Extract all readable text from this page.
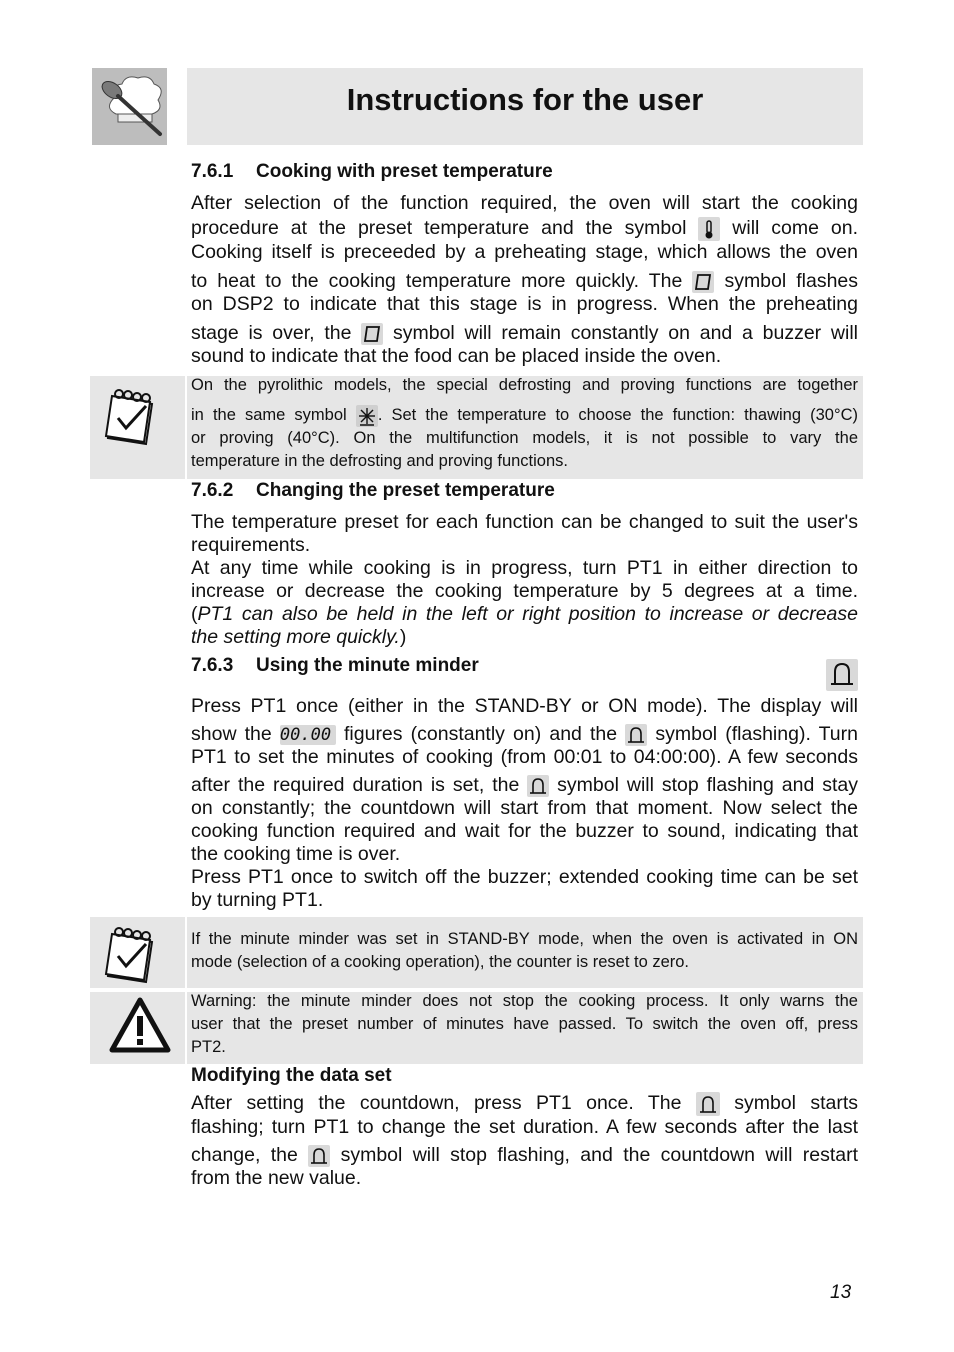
Instructions for the user
7.6.1 Cooking with preset temperature
After selection of the function required, the oven will start the cooking
procedure at the preset temperature and the symbol will come on.
Cooking itself is preceeded by a preheating stage, which allows the oven
to heat to the cooking temperature more quickly. The symbol flashes
on DSP2 to indicate that this stage is in progress. When the preheating
stage is over, the symbol will remain constantly on and a buzzer will
sound to indicate that the food can be placed inside the oven.
On the pyrolithic models, the special defrosting and proving functions are together
in the same symbol . Set the temperature to choose the function: thawing (30°C)
or proving (40°C). On the multifunction models, it is not possible to vary the
temperature in the defrosting and proving functions.
7.6.2 Changing the preset temperature
The temperature preset for each function can be changed to suit the user's
requirements.
At any time while cooking is in progress, turn PT1 in either direction to
increase or decrease the cooking temperature by 5 degrees at a time.
(PT1 can also be held in the left or right position to increase or decrease
the setting more quickly.)
7.6.3 Using the minute minder
Press PT1 once (either in the STAND-BY or ON mode). The display will
show the 00.00 figures (constantly on) and the symbol (flashing). Turn
PT1 to set the minutes of cooking (from 00:01 to 04:00:00). A few seconds
after the required duration is set, the symbol will stop flashing and stay
on constantly; the countdown will start from that moment. Now select the
cooking function required and wait for the buzzer to sound, indicating that
the cooking time is over.
Press PT1 once to switch off the buzzer; extended cooking time can be set
by turning PT1.
If the minute minder was set in STAND-BY mode, when the oven is activated in ON
mode (selection of a cooking operation), the counter is reset to zero.
Warning: the minute minder does not stop the cooking process. It only warns the
user that the preset number of minutes have passed. To switch the oven off, press
PT2.
Modifying the data set
After setting the countdown, press PT1 once. The	symbol starts
flashing; turn PT1 to change the set duration. A few seconds after the last
change, the symbol will stop flashing, and the countdown will restart
from the new value.
13
